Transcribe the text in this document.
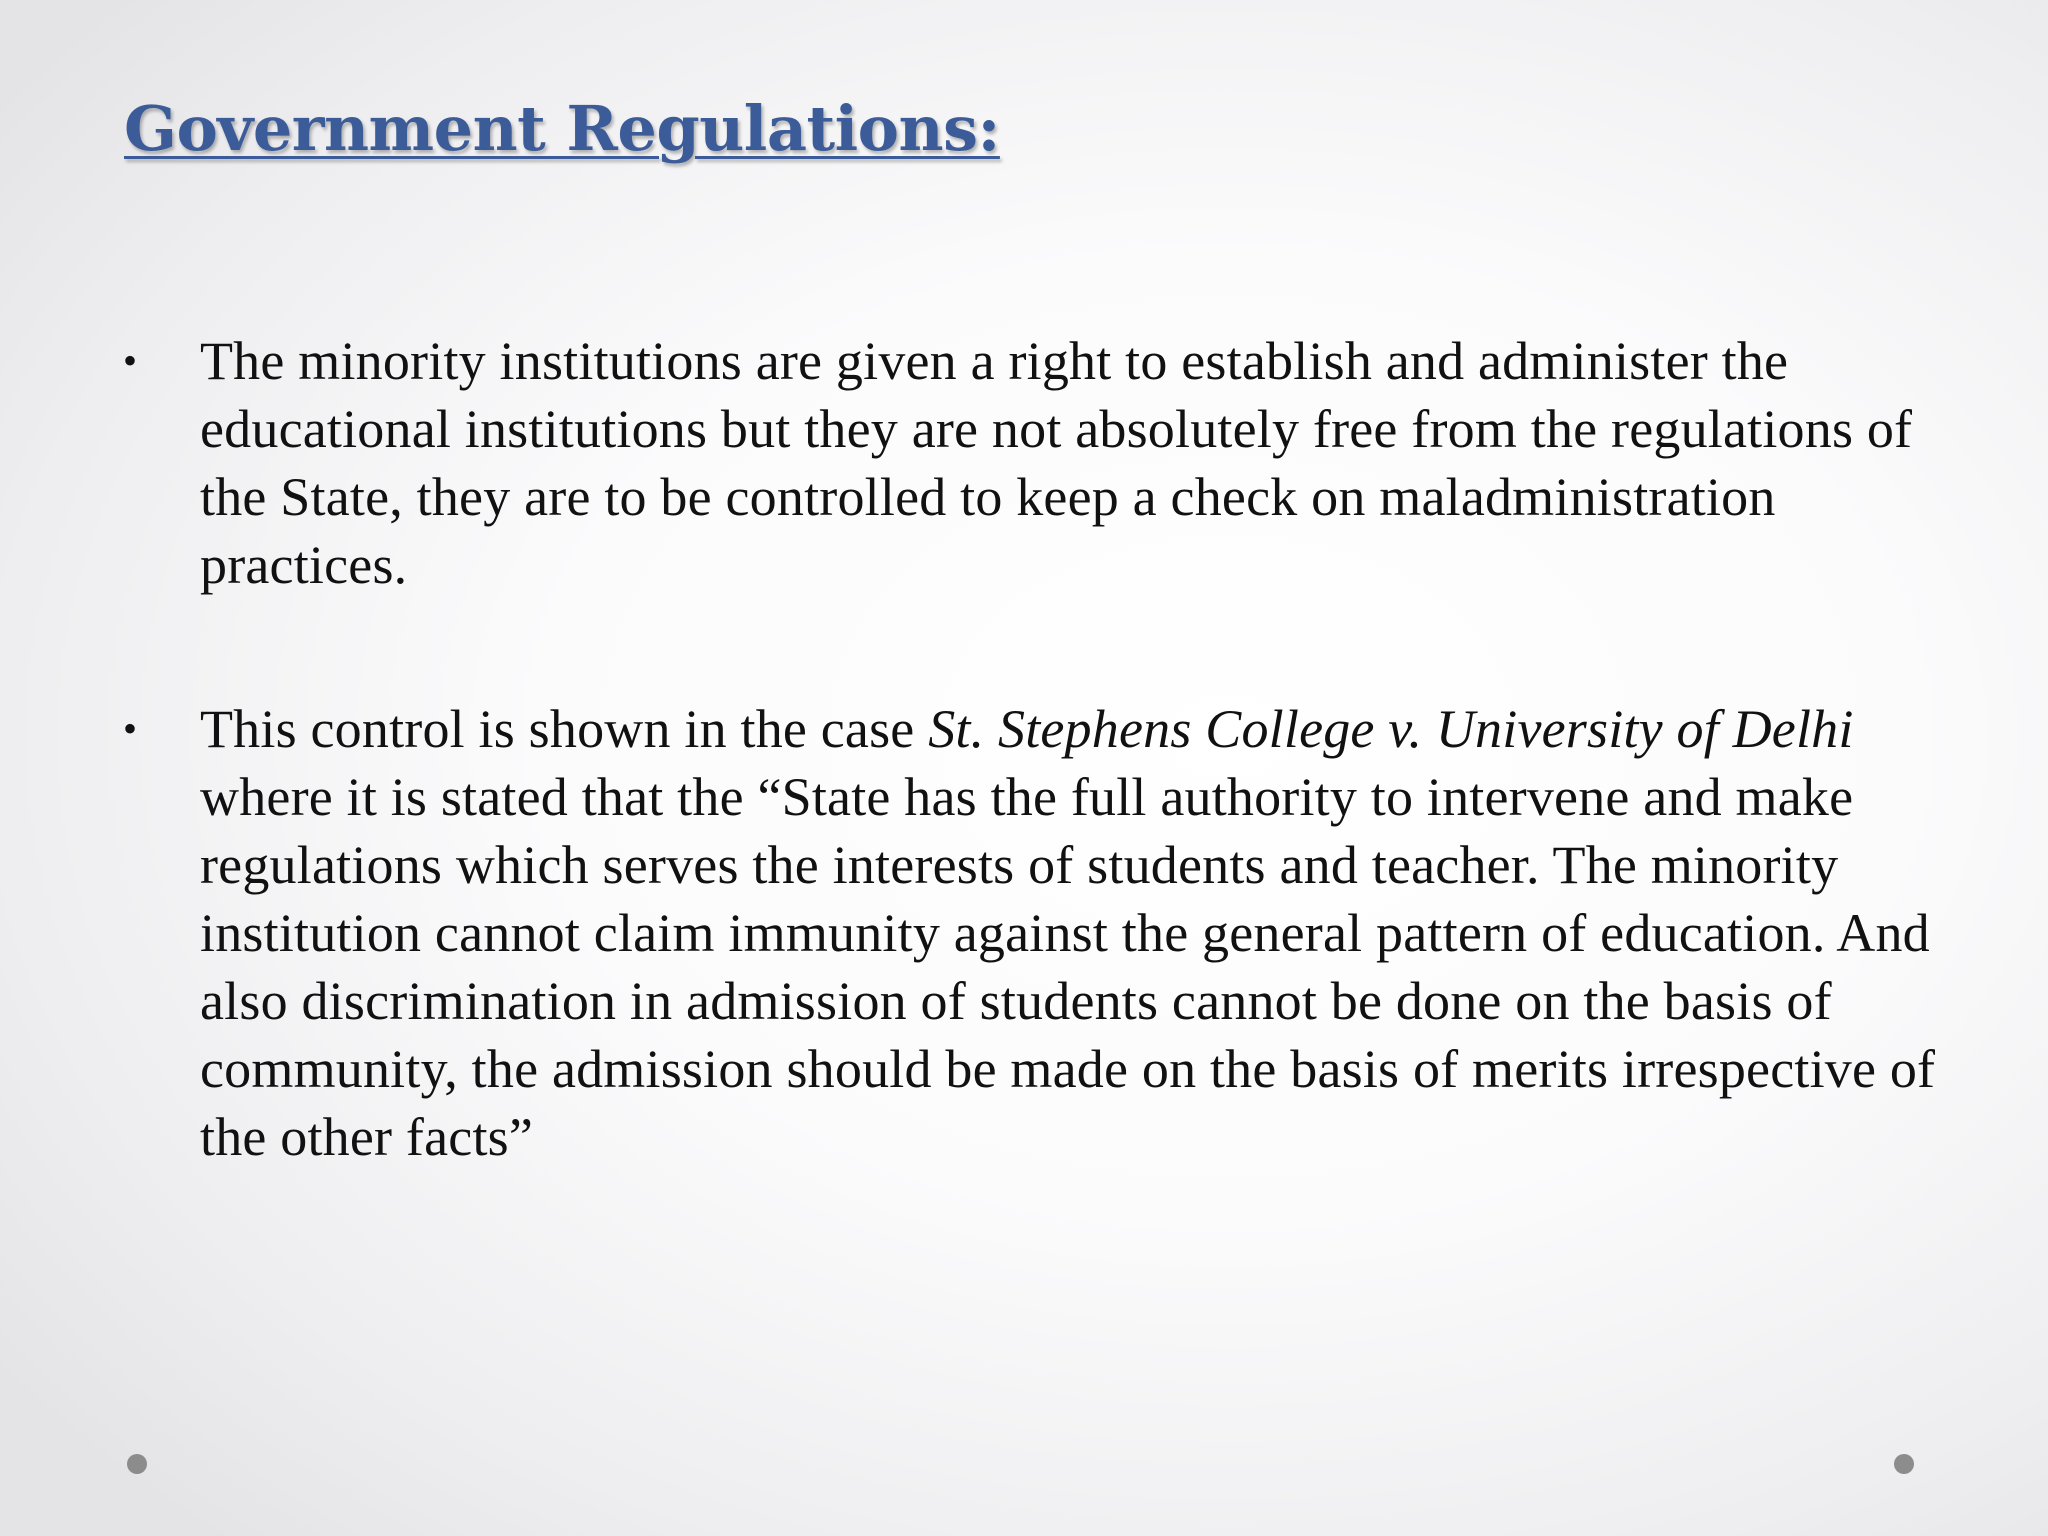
Government Regulations:
• The minority institutions are given a right to establish and administer the educational institutions but they are not absolutely free from the regulations of the State, they are to be controlled to keep a check on maladministration practices.
• This control is shown in the case St. Stephens College v. University of Delhi where it is stated that the “State has the full authority to intervene and make regulations which serves the interests of students and teacher. The minority institution cannot claim immunity against the general pattern of education. And also discrimination in admission of students cannot be done on the basis of community, the admission should be made on the basis of merits irrespective of the other facts”
